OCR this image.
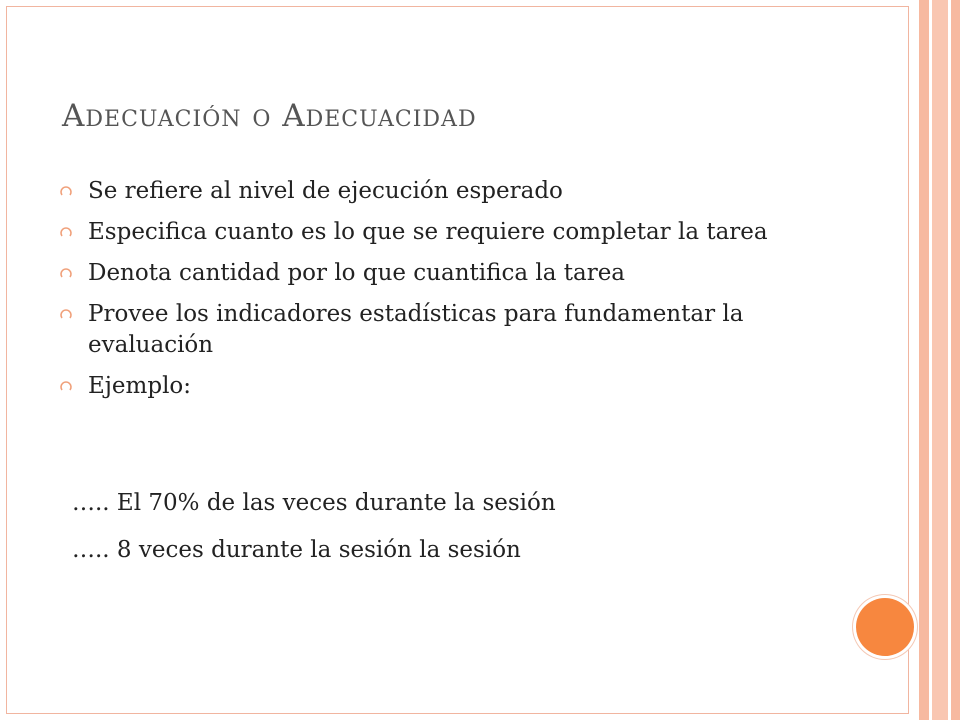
Adecuación o Adecuacidad
Se refiere al nivel de ejecución esperado
Especifica cuanto es lo que se requiere completar la tarea
Denota cantidad por lo que cuantifica la tarea
Provee los indicadores estadísticas para fundamentar la evaluación
Ejemplo:
….. El 70% de las veces durante la sesión
….. 8 veces durante la sesión la sesión
